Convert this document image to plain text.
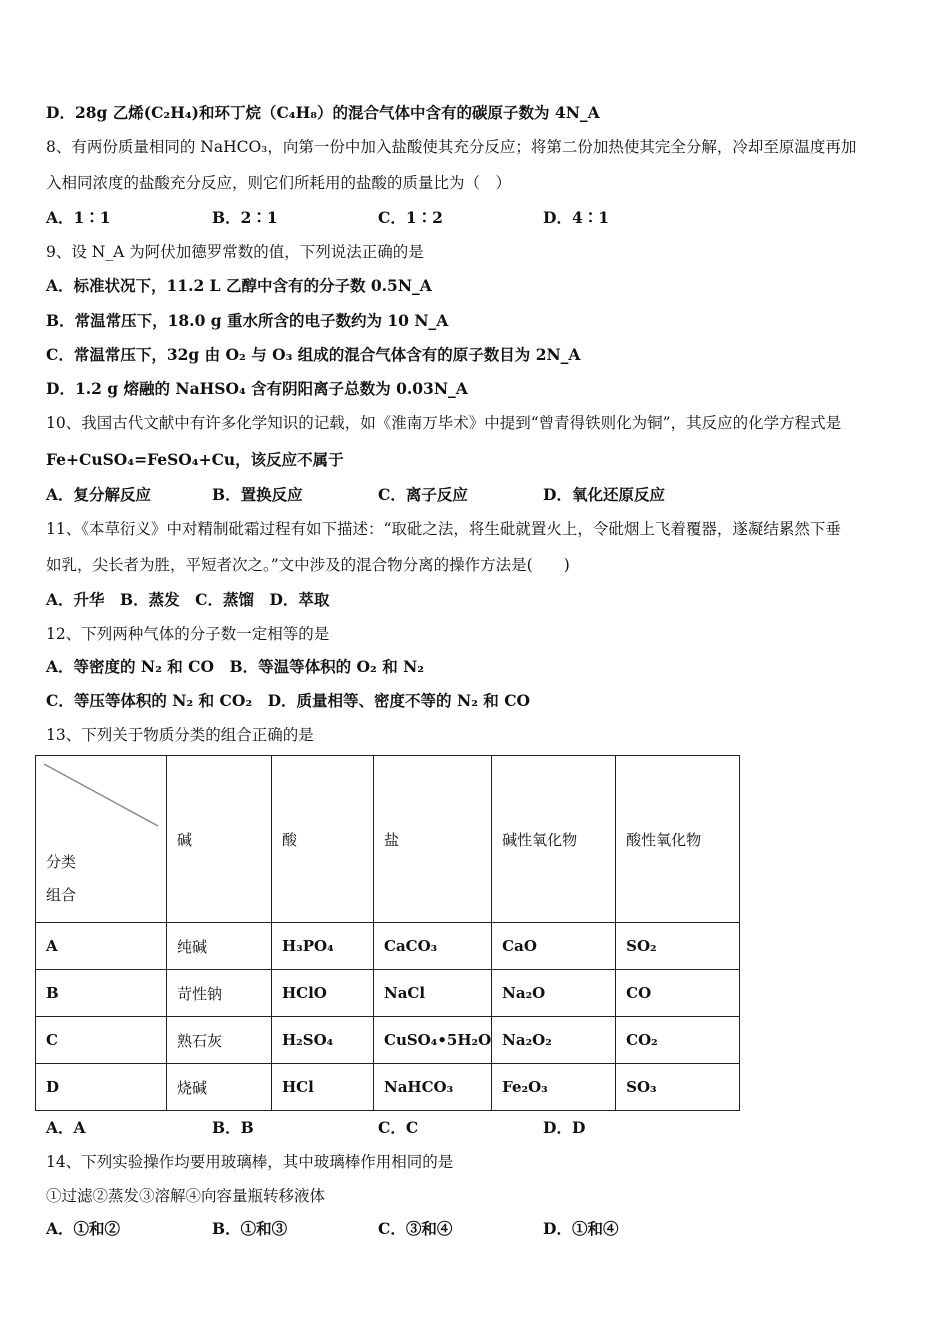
D．28g 乙烯(C₂H₄)和环丁烷（C₄H₈）的混合气体中含有的碳原子数为 4N_A
8、有两份质量相同的 NaHCO₃，向第一份中加入盐酸使其充分反应；将第二份加热使其完全分解，冷却至原温度再加
入相同浓度的盐酸充分反应，则它们所耗用的盐酸的质量比为（　）
A．1∶1	B．2∶1	C．1∶2	D．4∶1
9、设 N_A 为阿伏加德罗常数的值，下列说法正确的是
A．标准状况下，11.2 L 乙醇中含有的分子数 0.5N_A
B．常温常压下，18.0 g 重水所含的电子数约为 10 N_A
C．常温常压下，32g 由 O₂ 与 O₃ 组成的混合气体含有的原子数目为 2N_A
D．1.2 g 熔融的 NaHSO₄ 含有阴阳离子总数为 0.03N_A
10、我国古代文献中有许多化学知识的记载，如《淮南万毕术》中提到“曾青得铁则化为铜”，其反应的化学方程式是
Fe+CuSO₄=FeSO₄+Cu，该反应不属于
A．复分解反应	B．置换反应	C．离子反应	D．氧化还原反应
11、《本草衍义》中对精制砒霜过程有如下描述：“取砒之法，将生砒就置火上，令砒烟上飞着覆器，遂凝结累然下垂
如乳，尖长者为胜，平短者次之。”文中涉及的混合物分离的操作方法是(　　)
A．升华　B．蒸发　C．蒸馏　D．萃取
12、下列两种气体的分子数一定相等的是
A．等密度的 N₂ 和 CO　B．等温等体积的 O₂ 和 N₂
C．等压等体积的 N₂ 和 CO₂　D．质量相等、密度不等的 N₂ 和 CO
13、下列关于物质分类的组合正确的是
分类
组合	碱	酸	盐	碱性氧化物	酸性氧化物
A	纯碱	H₃PO₄	CaCO₃	CaO	SO₂
B	苛性钠	HClO	NaCl	Na₂O	CO
C	熟石灰	H₂SO₄	CuSO₄•5H₂O	Na₂O₂	CO₂
D	烧碱	HCl	NaHCO₃	Fe₂O₃	SO₃
A．A	B．B	C．C	D．D
14、下列实验操作均要用玻璃棒，其中玻璃棒作用相同的是
①过滤②蒸发③溶解④向容量瓶转移液体
A．①和②	B．①和③	C．③和④	D．①和④
